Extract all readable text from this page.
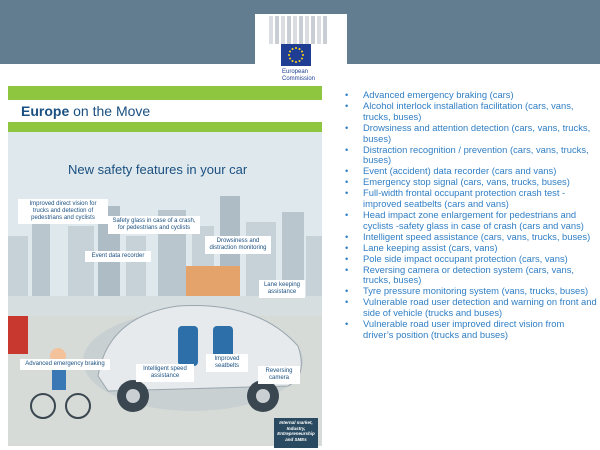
European
Commission
Europe on the Move
New safety features in your car
Improved direct vision for trucks and detection of pedestrians and cyclists	Safety glass in case of a crash, for pedestrians and cyclists
Drowsiness and distraction monitoring
Event data recorder
Lane keeping assistance
Advanced emergency braking
Intelligent speed assistance
Improved seatbelts
Reversing camera
Internal market,
Industry,
Entrepreneurship
and SMEs
• Advanced emergency braking (cars)
• Alcohol interlock installation facilitation (cars, vans, trucks, buses)
• Drowsiness and attention detection (cars, vans, trucks, buses)
• Distraction recognition / prevention (cars, vans, trucks, buses)
• Event (accident) data recorder (cars and vans)
• Emergency stop signal (cars, vans, trucks, buses)
• Full-width frontal occupant protection crash test - improved seatbelts (cars and vans)
• Head impact zone enlargement for pedestrians and cyclists -safety glass in case of crash (cars and vans)
• Intelligent speed assistance (cars, vans, trucks, buses)
• Lane keeping assist (cars, vans)
• Pole side impact occupant protection (cars, vans)
• Reversing camera or detection system (cars, vans, trucks, buses)
• Tyre pressure monitoring system (vans, trucks, buses)
• Vulnerable road user detection and warning on front and side of vehicle (trucks and buses)
• Vulnerable road user improved direct vision from driver’s position (trucks and buses)
